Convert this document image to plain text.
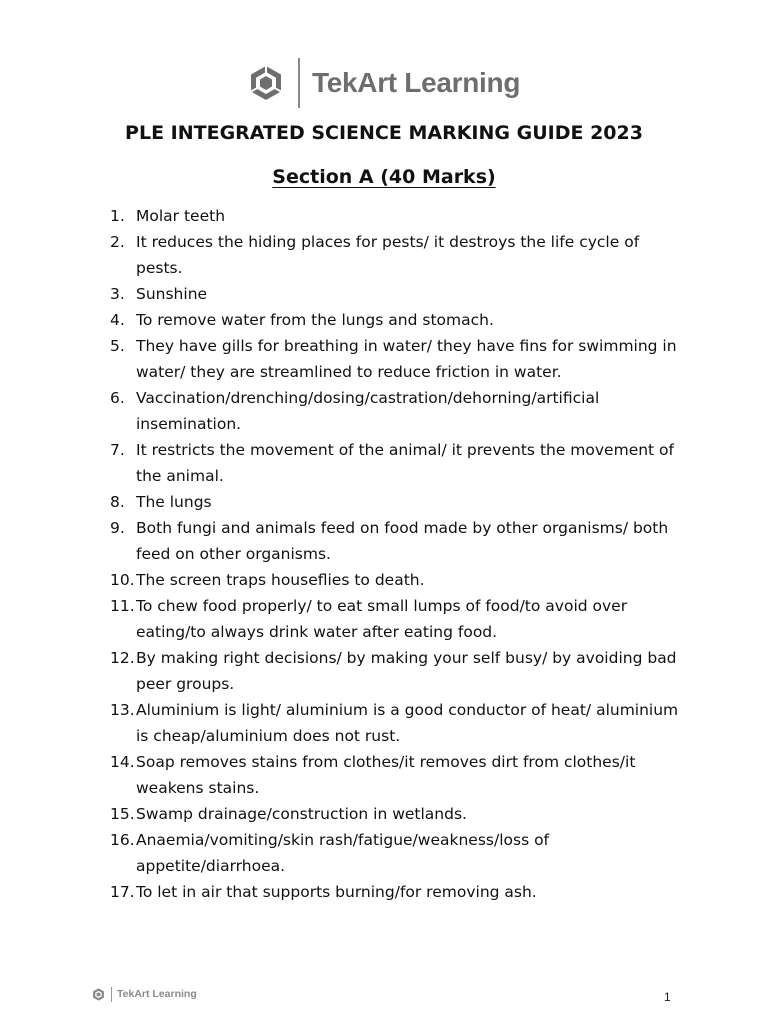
TekArt Learning
PLE INTEGRATED SCIENCE MARKING GUIDE 2023
Section A (40 Marks)
1. Molar teeth
2. It reduces the hiding places for pests/ it destroys the life cycle of pests.
3. Sunshine
4. To remove water from the lungs and stomach.
5. They have gills for breathing in water/ they have fins for swimming in water/ they are streamlined to reduce friction in water.
6. Vaccination/drenching/dosing/castration/dehorning/artificial insemination.
7. It restricts the movement of the animal/ it prevents the movement of the animal.
8. The lungs
9. Both fungi and animals feed on food made by other organisms/ both feed on other organisms.
10. The screen traps houseflies to death.
11. To chew food properly/ to eat small lumps of food/to avoid over eating/to always drink water after eating food.
12. By making right decisions/ by making your self busy/ by avoiding bad peer groups.
13. Aluminium is light/ aluminium is a good conductor of heat/ aluminium is cheap/aluminium does not rust.
14. Soap removes stains from clothes/it removes dirt from clothes/it weakens stains.
15. Swamp drainage/construction in wetlands.
16. Anaemia/vomiting/skin rash/fatigue/weakness/loss of appetite/diarrhoea.
17. To let in air that supports burning/for removing ash.
TekArt Learning	1
